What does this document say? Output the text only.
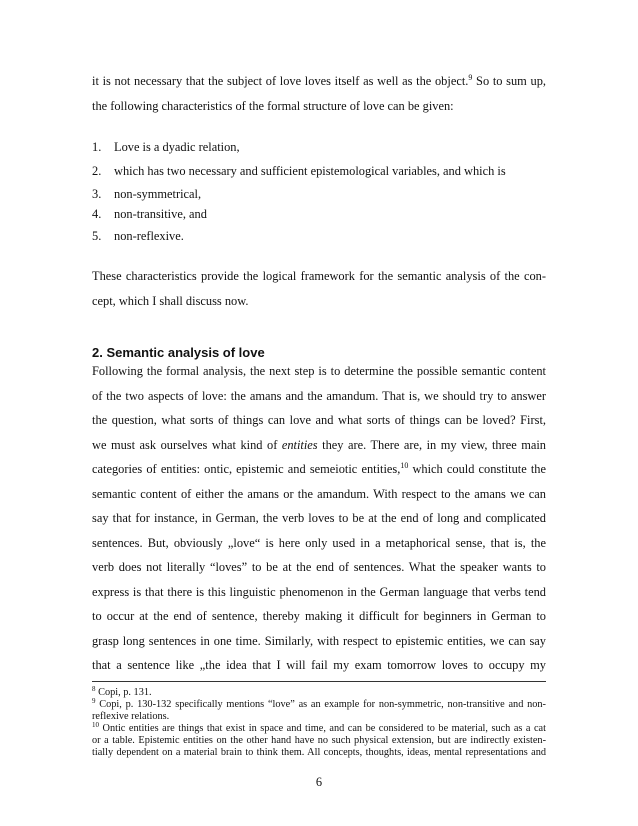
it is not necessary that the subject of love loves itself as well as the object.$^9$ So to sum up,
the following characteristics of the formal structure of love can be given:
1. Love is a dyadic relation,
2. which has two necessary and sufficient epistemological variables, and which is
3. non-symmetrical,
4. non-transitive, and
5. non-reflexive.
These characteristics provide the logical framework for the semantic analysis of the con-
cept, which I shall discuss now.
2. Semantic analysis of love
Following the formal analysis, the next step is to determine the possible semantic content
of the two aspects of love: the amans and the amandum. That is, we should try to answer
the question, what sorts of things can love and what sorts of things can be loved? First,
we must ask ourselves what kind of entities they are. There are, in my view, three main
categories of entities: ontic, epistemic and semeiotic entities,$^{10}$ which could constitute the
semantic content of either the amans or the amandum. With respect to the amans we can
say that for instance, in German, the verb loves to be at the end of long and complicated
sentences. But, obviously „love“ is here only used in a metaphorical sense, that is, the
verb does not literally “loves” to be at the end of sentences. What the speaker wants to
express is that there is this linguistic phenomenon in the German language that verbs tend
to occur at the end of sentence, thereby making it difficult for beginners in German to
grasp long sentences in one time. Similarly, with respect to epistemic entities, we can say
that a sentence like „the idea that I will fail my exam tomorrow loves to occupy my
$^8$ Copi, p. 131.
$^9$ Copi, p. 130-132 specifically mentions “love” as an example for non-symmetric, non-transitive and non-
reflexive relations.
$^{10}$ Ontic entities are things that exist in space and time, and can be considered to be material, such as a cat
or a table. Epistemic entities on the other hand have no such physical extension, but are indirectly existen-
tially dependent on a material brain to think them. All concepts, thoughts, ideas, mental representations and
6
